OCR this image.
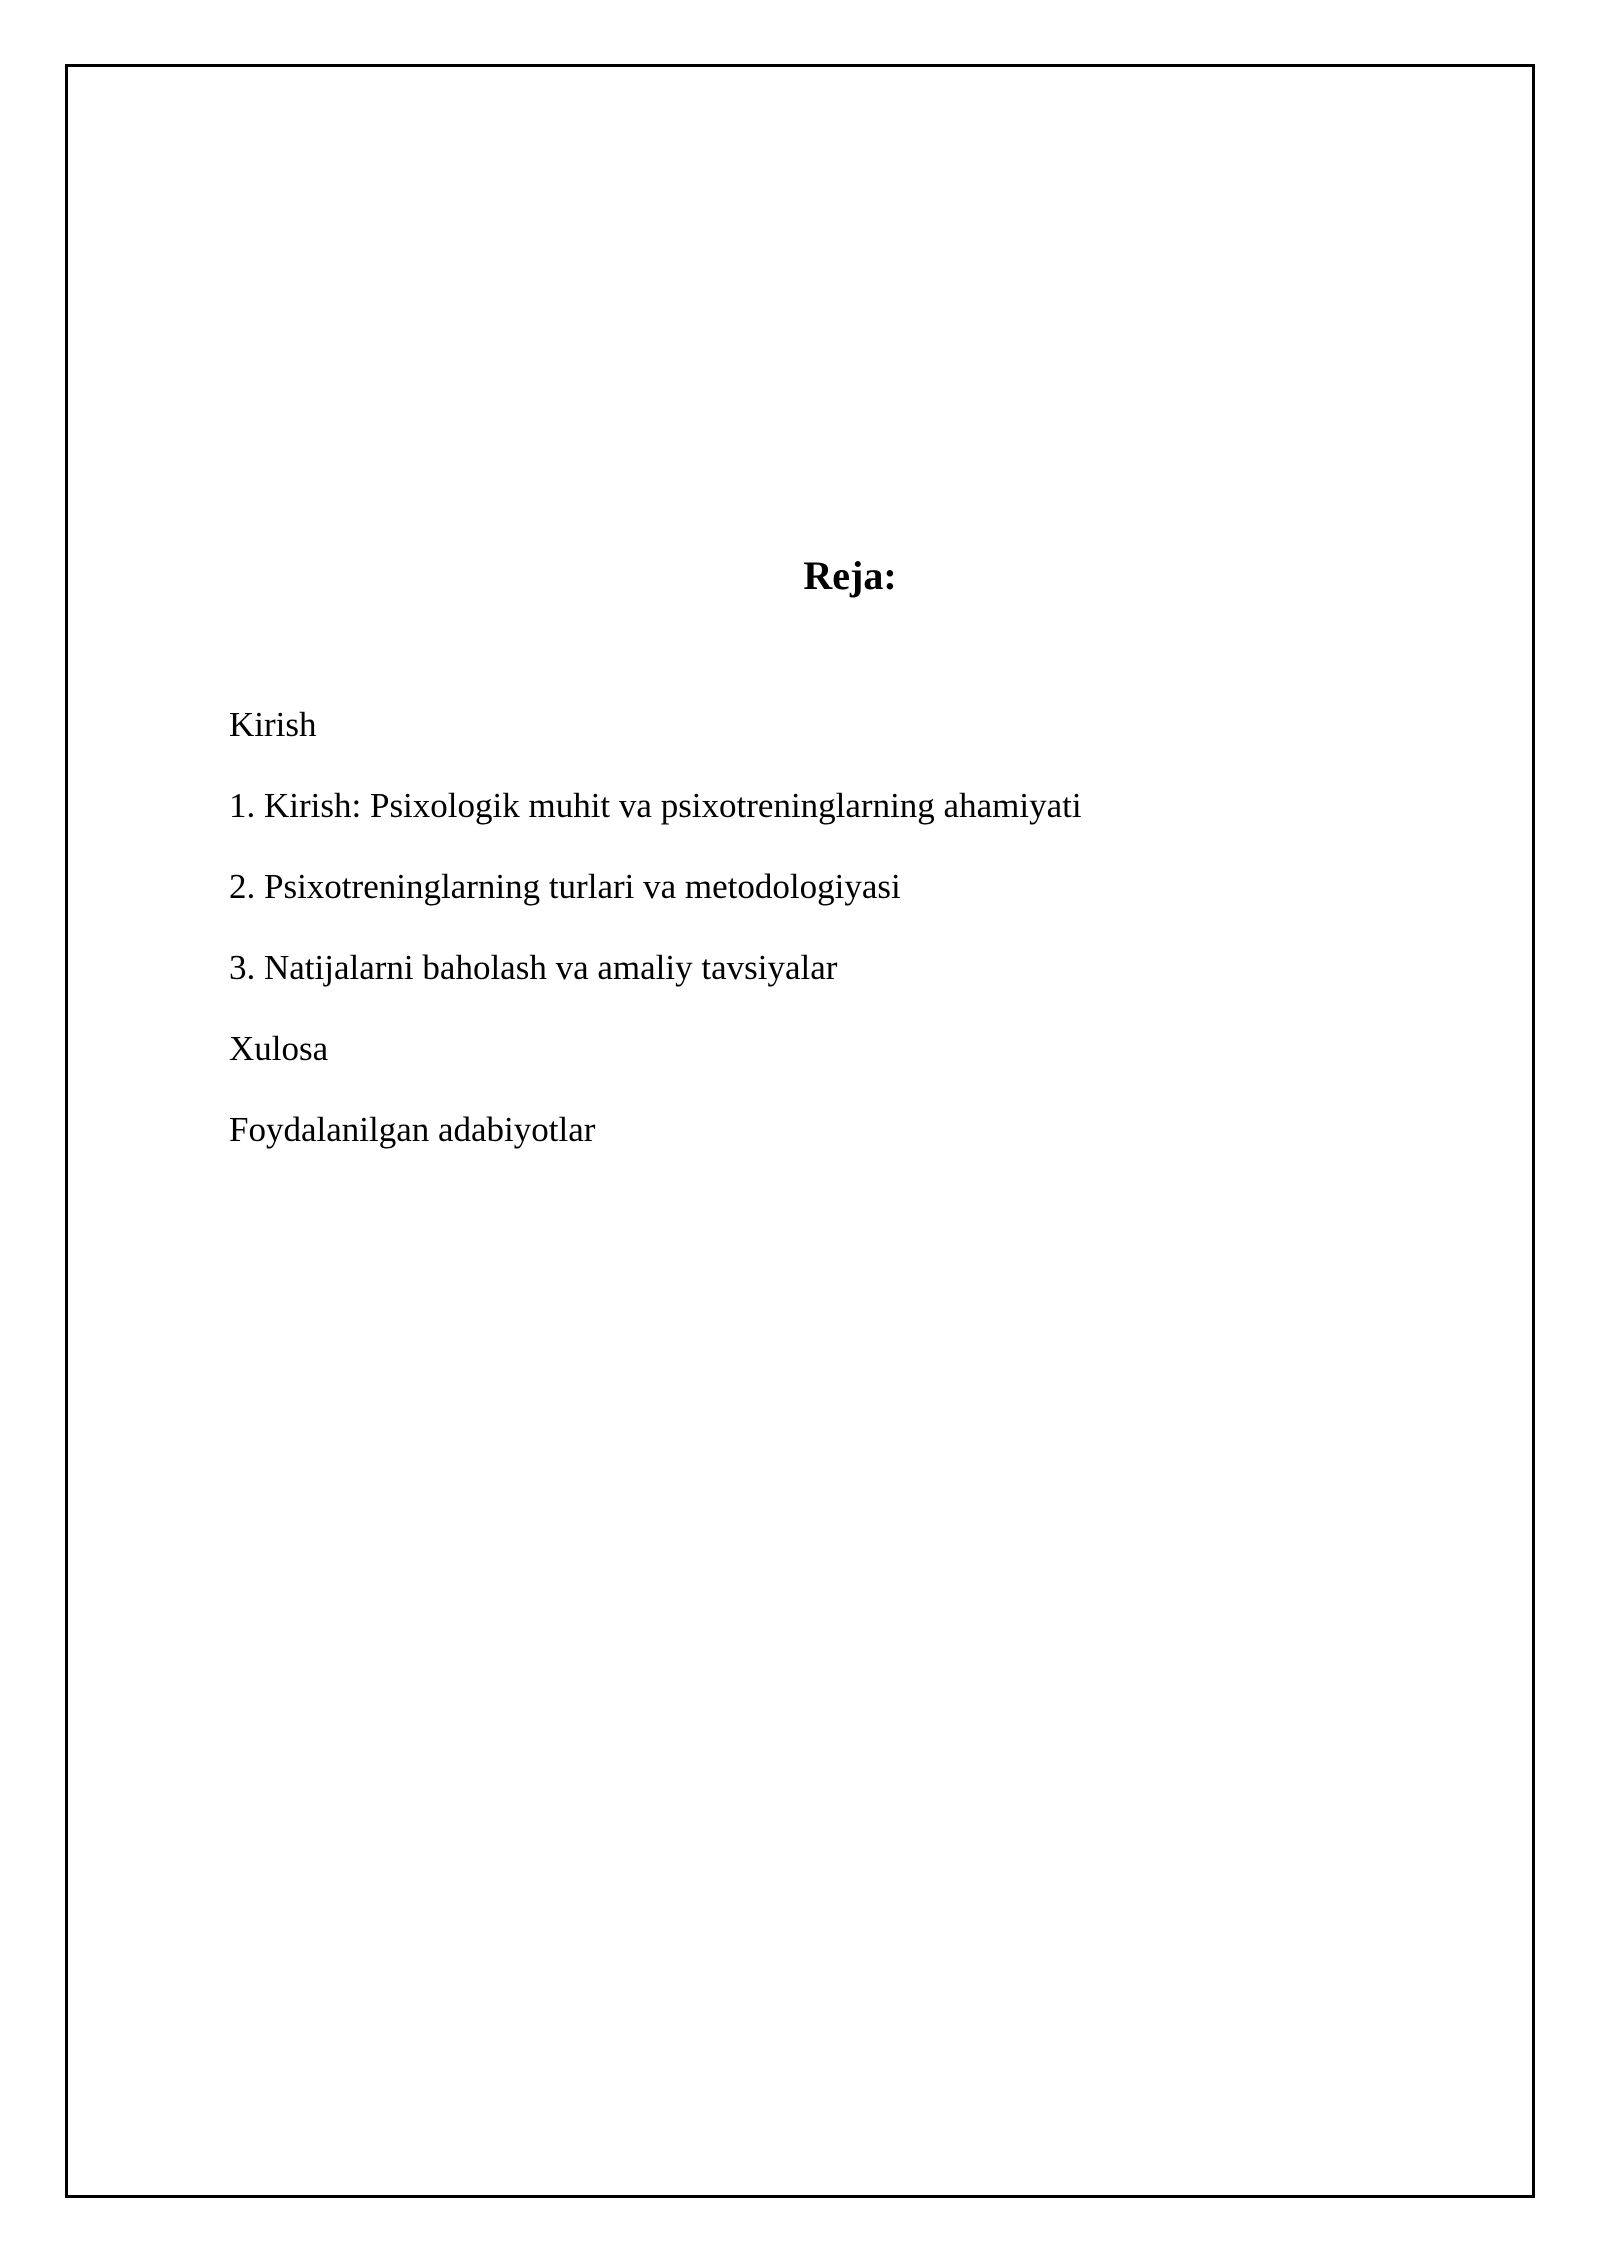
Reja:
Kirish
1. Kirish: Psixologik muhit va psixotreninglarning ahamiyati
2. Psixotreninglarning turlari va metodologiyasi
3. Natijalarni baholash va amaliy tavsiyalar
Xulosa
Foydalanilgan adabiyotlar
